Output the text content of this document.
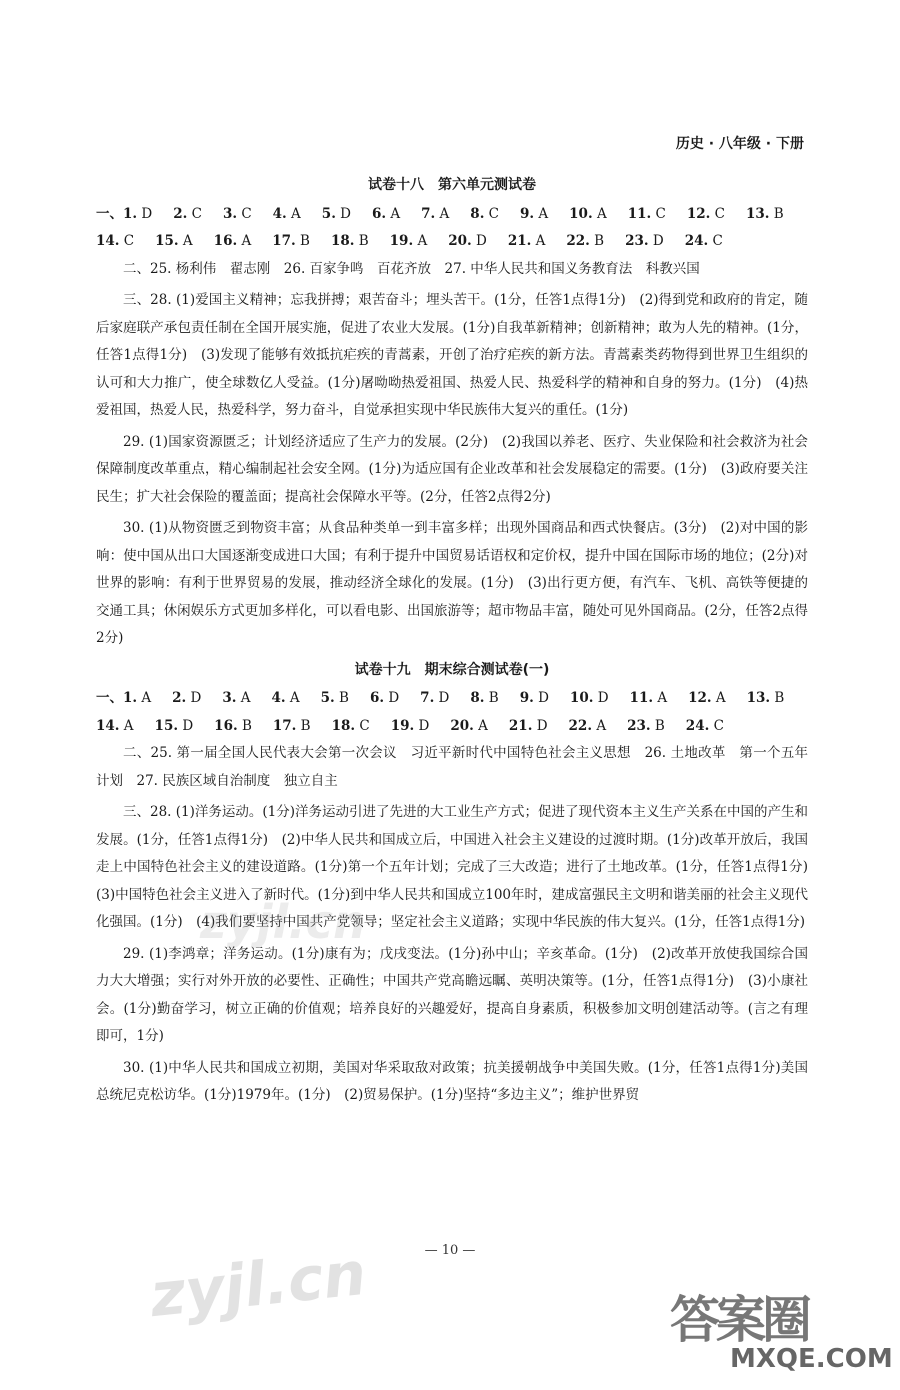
历史 · 八年级 · 下册
试卷十八　第六单元测试卷
一、1. D 2. C 3. C 4. A 5. D 6. A 7. A 8. C 9. A 10. A 11. C 12. C 13. B
14. C 15. A 16. A 17. B 18. B 19. A 20. D 21. A 22. B 23. D 24. C
二、25. 杨利伟　翟志刚　26. 百家争鸣　百花齐放　27. 中华人民共和国义务教育法　科教兴国
三、28. (1)爱国主义精神；忘我拼搏；艰苦奋斗；埋头苦干。(1分，任答1点得1分)　(2)得到党和政府的肯定，随后家庭联产承包责任制在全国开展实施，促进了农业大发展。(1分)自我革新精神；创新精神；敢为人先的精神。(1分，任答1点得1分)　(3)发现了能够有效抵抗疟疾的青蒿素，开创了治疗疟疾的新方法。青蒿素类药物得到世界卫生组织的认可和大力推广，使全球数亿人受益。(1分)屠呦呦热爱祖国、热爱人民、热爱科学的精神和自身的努力。(1分)　(4)热爱祖国，热爱人民，热爱科学，努力奋斗，自觉承担实现中华民族伟大复兴的重任。(1分)
29. (1)国家资源匮乏；计划经济适应了生产力的发展。(2分)　(2)我国以养老、医疗、失业保险和社会救济为社会保障制度改革重点，精心编制起社会安全网。(1分)为适应国有企业改革和社会发展稳定的需要。(1分)　(3)政府要关注民生；扩大社会保险的覆盖面；提高社会保障水平等。(2分，任答2点得2分)
30. (1)从物资匮乏到物资丰富；从食品种类单一到丰富多样；出现外国商品和西式快餐店。(3分)　(2)对中国的影响：使中国从出口大国逐渐变成进口大国；有利于提升中国贸易话语权和定价权，提升中国在国际市场的地位；(2分)对世界的影响：有利于世界贸易的发展，推动经济全球化的发展。(1分)　(3)出行更方便，有汽车、飞机、高铁等便捷的交通工具；休闲娱乐方式更加多样化，可以看电影、出国旅游等；超市物品丰富，随处可见外国商品。(2分，任答2点得2分)
试卷十九　期末综合测试卷(一)
一、1. A 2. D 3. A 4. A 5. B 6. D 7. D 8. B 9. D 10. D 11. A 12. A 13. B
14. A 15. D 16. B 17. B 18. C 19. D 20. A 21. D 22. A 23. B 24. C
二、25. 第一届全国人民代表大会第一次会议　习近平新时代中国特色社会主义思想　26. 土地改革　第一个五年计划　27. 民族区域自治制度　独立自主
三、28. (1)洋务运动。(1分)洋务运动引进了先进的大工业生产方式；促进了现代资本主义生产关系在中国的产生和发展。(1分，任答1点得1分)　(2)中华人民共和国成立后，中国进入社会主义建设的过渡时期。(1分)改革开放后，我国走上中国特色社会主义的建设道路。(1分)第一个五年计划；完成了三大改造；进行了土地改革。(1分，任答1点得1分)　(3)中国特色社会主义进入了新时代。(1分)到中华人民共和国成立100年时，建成富强民主文明和谐美丽的社会主义现代化强国。(1分)　(4)我们要坚持中国共产党领导；坚定社会主义道路；实现中华民族的伟大复兴。(1分，任答1点得1分)
29. (1)李鸿章；洋务运动。(1分)康有为；戊戌变法。(1分)孙中山；辛亥革命。(1分)　(2)改革开放使我国综合国力大大增强；实行对外开放的必要性、正确性；中国共产党高瞻远瞩、英明决策等。(1分，任答1点得1分)　(3)小康社会。(1分)勤奋学习，树立正确的价值观；培养良好的兴趣爱好，提高自身素质，积极参加文明创建活动等。(言之有理即可，1分)
30. (1)中华人民共和国成立初期，美国对华采取敌对政策；抗美援朝战争中美国失败。(1分，任答1点得1分)美国总统尼克松访华。(1分)1979年。(1分)　(2)贸易保护。(1分)坚持“多边主义”；维护世界贸
— 10 —
zyjl.cn
zyjl.cn	答案圈
MXQE.COM
